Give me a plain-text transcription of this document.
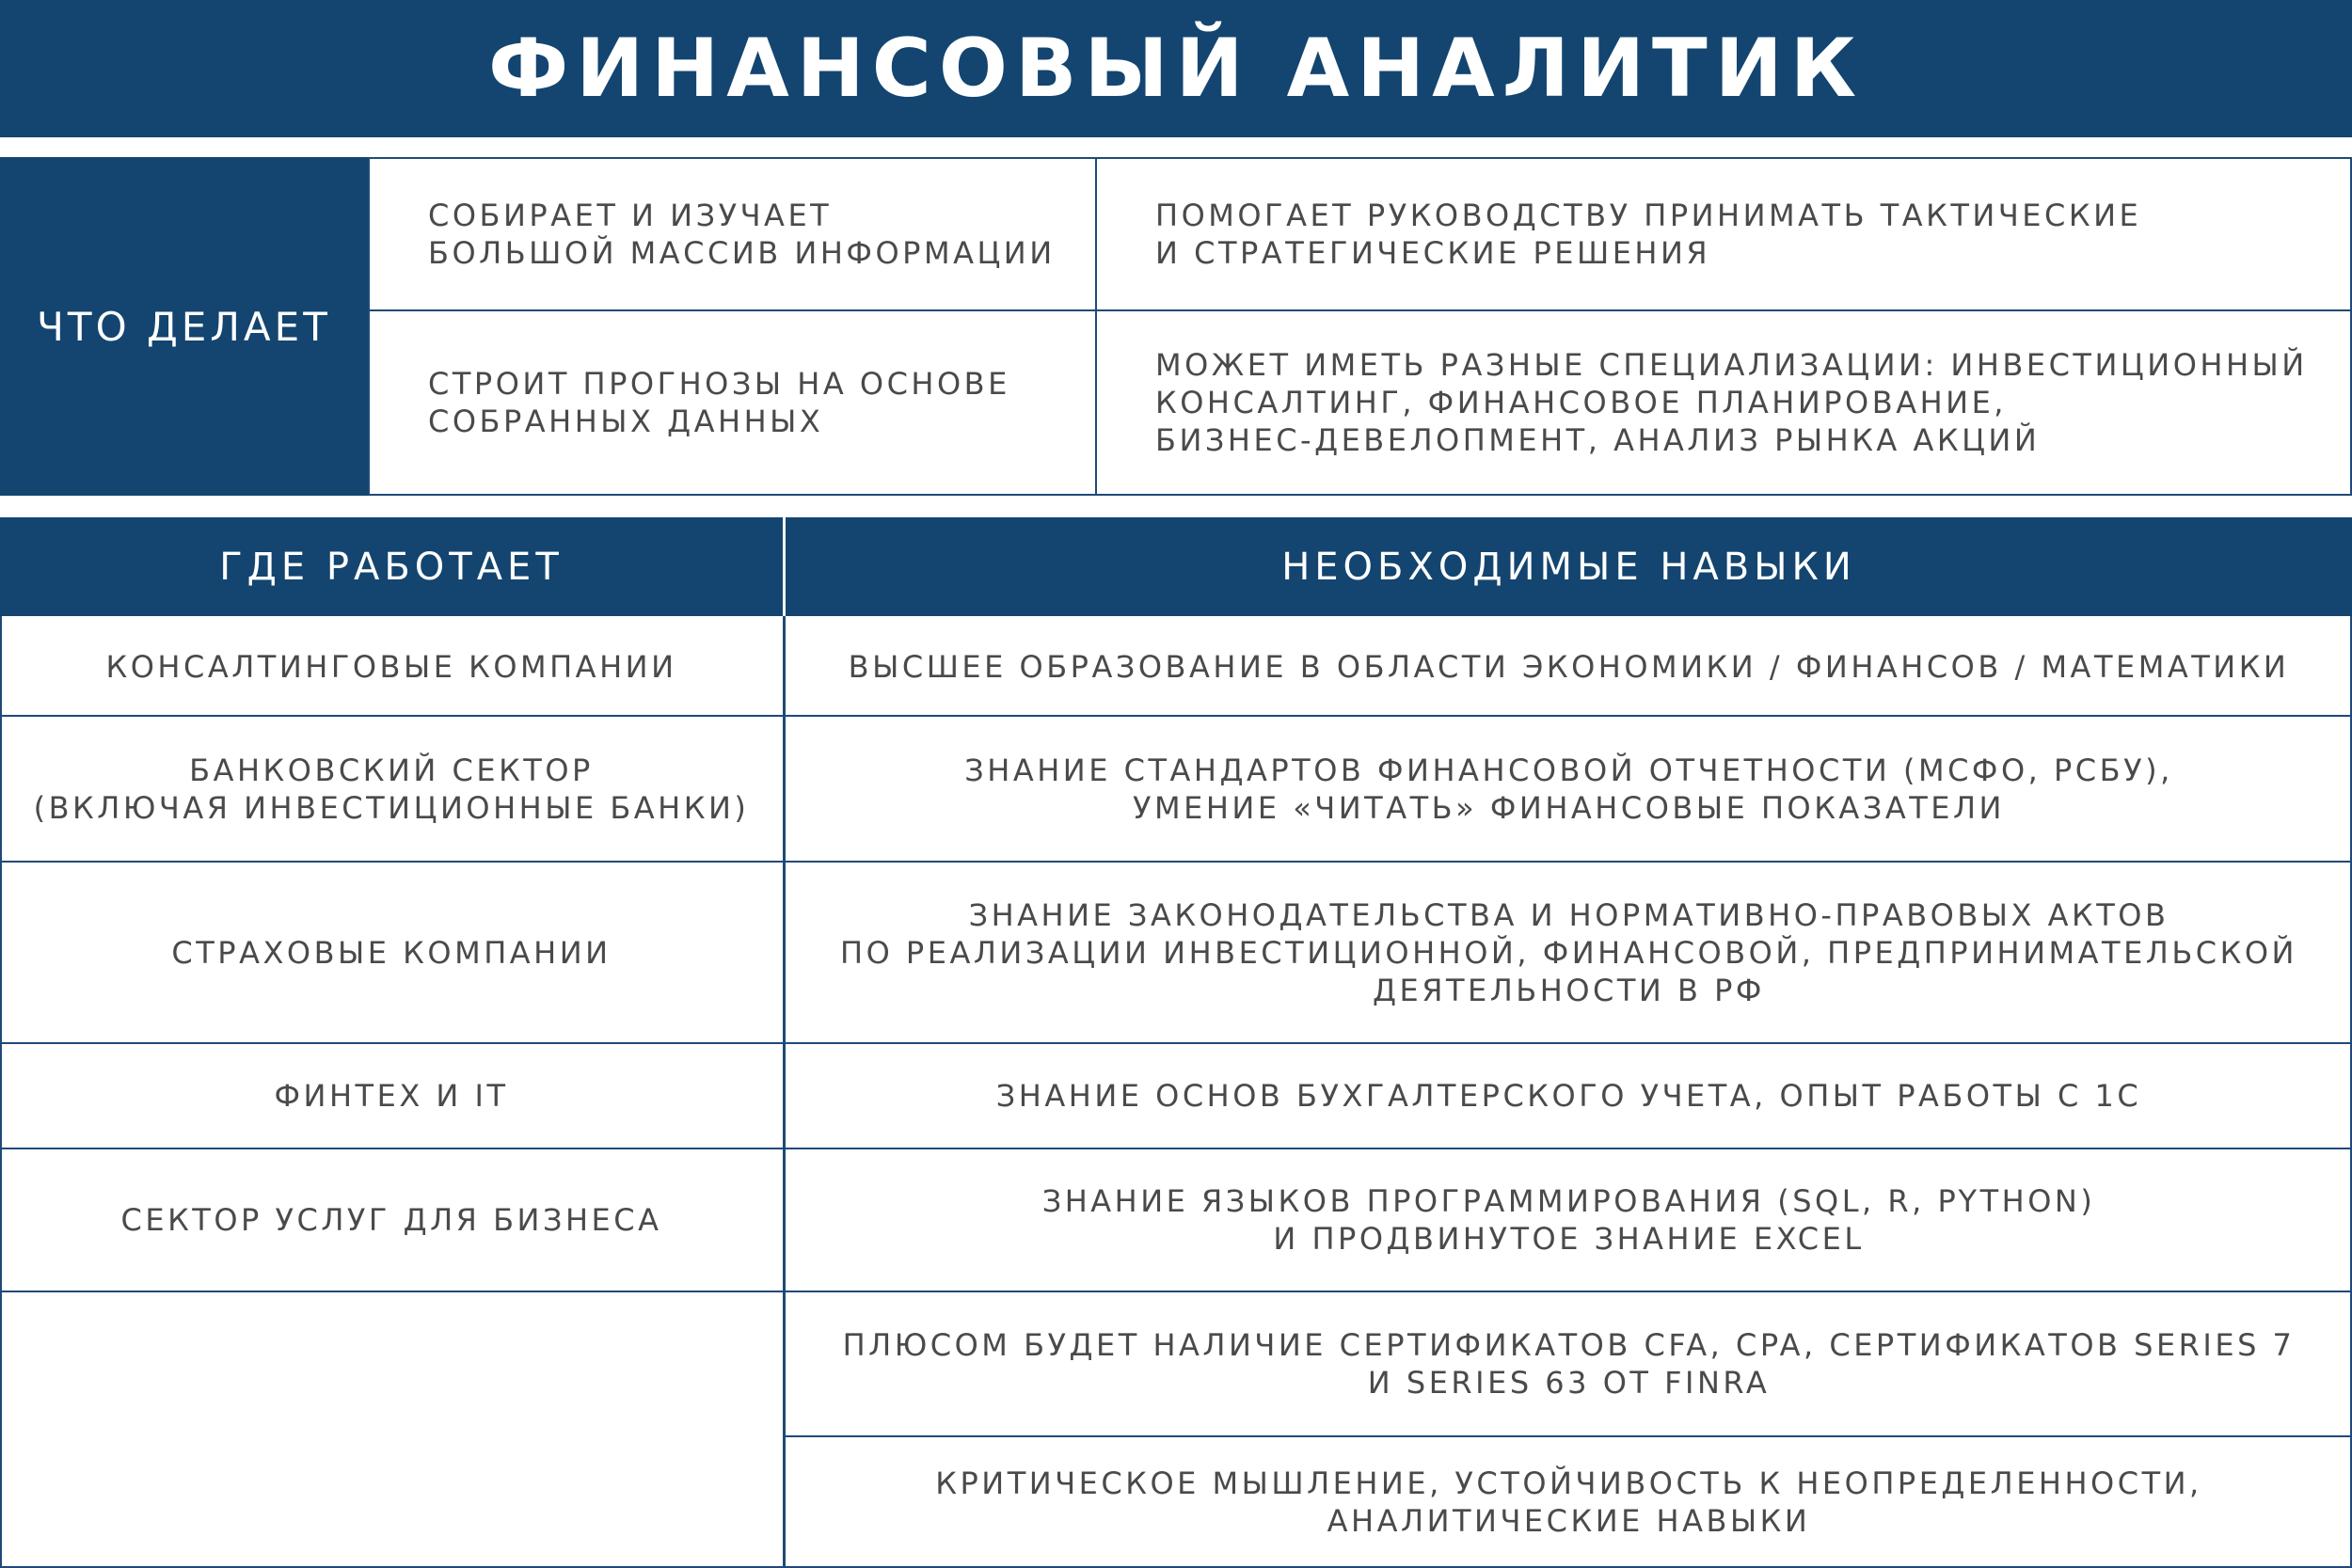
ФИНАНСОВЫЙ АНАЛИТИК
ЧТО ДЕЛАЕТ
СОБИРАЕТ И ИЗУЧАЕТ
БОЛЬШОЙ МАССИВ ИНФОРМАЦИИ
ПОМОГАЕТ РУКОВОДСТВУ ПРИНИМАТЬ ТАКТИЧЕСКИЕ
И СТРАТЕГИЧЕСКИЕ РЕШЕНИЯ
СТРОИТ ПРОГНОЗЫ НА ОСНОВЕ
СОБРАННЫХ ДАННЫХ
МОЖЕТ ИМЕТЬ РАЗНЫЕ СПЕЦИАЛИЗАЦИИ: ИНВЕСТИЦИОННЫЙ
КОНСАЛТИНГ, ФИНАНСОВОЕ ПЛАНИРОВАНИЕ,
БИЗНЕС-ДЕВЕЛОПМЕНТ, АНАЛИЗ РЫНКА АКЦИЙ
ГДЕ РАБОТАЕТ	НЕОБХОДИМЫЕ НАВЫКИ
КОНСАЛТИНГОВЫЕ КОМПАНИИ
БАНКОВСКИЙ СЕКТОР
(ВКЛЮЧАЯ ИНВЕСТИЦИОННЫЕ БАНКИ)
СТРАХОВЫЕ КОМПАНИИ
ФИНТЕХ И IT
СЕКТОР УСЛУГ ДЛЯ БИЗНЕСА
ВЫСШЕЕ ОБРАЗОВАНИЕ В ОБЛАСТИ ЭКОНОМИКИ / ФИНАНСОВ / МАТЕМАТИКИ
ЗНАНИЕ СТАНДАРТОВ ФИНАНСОВОЙ ОТЧЕТНОСТИ (МСФО, РСБУ),
УМЕНИЕ «ЧИТАТЬ» ФИНАНСОВЫЕ ПОКАЗАТЕЛИ
ЗНАНИЕ ЗАКОНОДАТЕЛЬСТВА И НОРМАТИВНО-ПРАВОВЫХ АКТОВ
ПО РЕАЛИЗАЦИИ ИНВЕСТИЦИОННОЙ, ФИНАНСОВОЙ, ПРЕДПРИНИМАТЕЛЬСКОЙ
ДЕЯТЕЛЬНОСТИ В РФ
ЗНАНИЕ ОСНОВ БУХГАЛТЕРСКОГО УЧЕТА, ОПЫТ РАБОТЫ С 1С
ЗНАНИЕ ЯЗЫКОВ ПРОГРАММИРОВАНИЯ (SQL, R, PYTHON)
И ПРОДВИНУТОЕ ЗНАНИЕ EXCEL
ПЛЮСОМ БУДЕТ НАЛИЧИЕ СЕРТИФИКАТОВ CFA, CPA, СЕРТИФИКАТОВ SERIES 7
И SERIES 63 ОТ FINRA
КРИТИЧЕСКОЕ МЫШЛЕНИЕ, УСТОЙЧИВОСТЬ К НЕОПРЕДЕЛЕННОСТИ,
АНАЛИТИЧЕСКИЕ НАВЫКИ
